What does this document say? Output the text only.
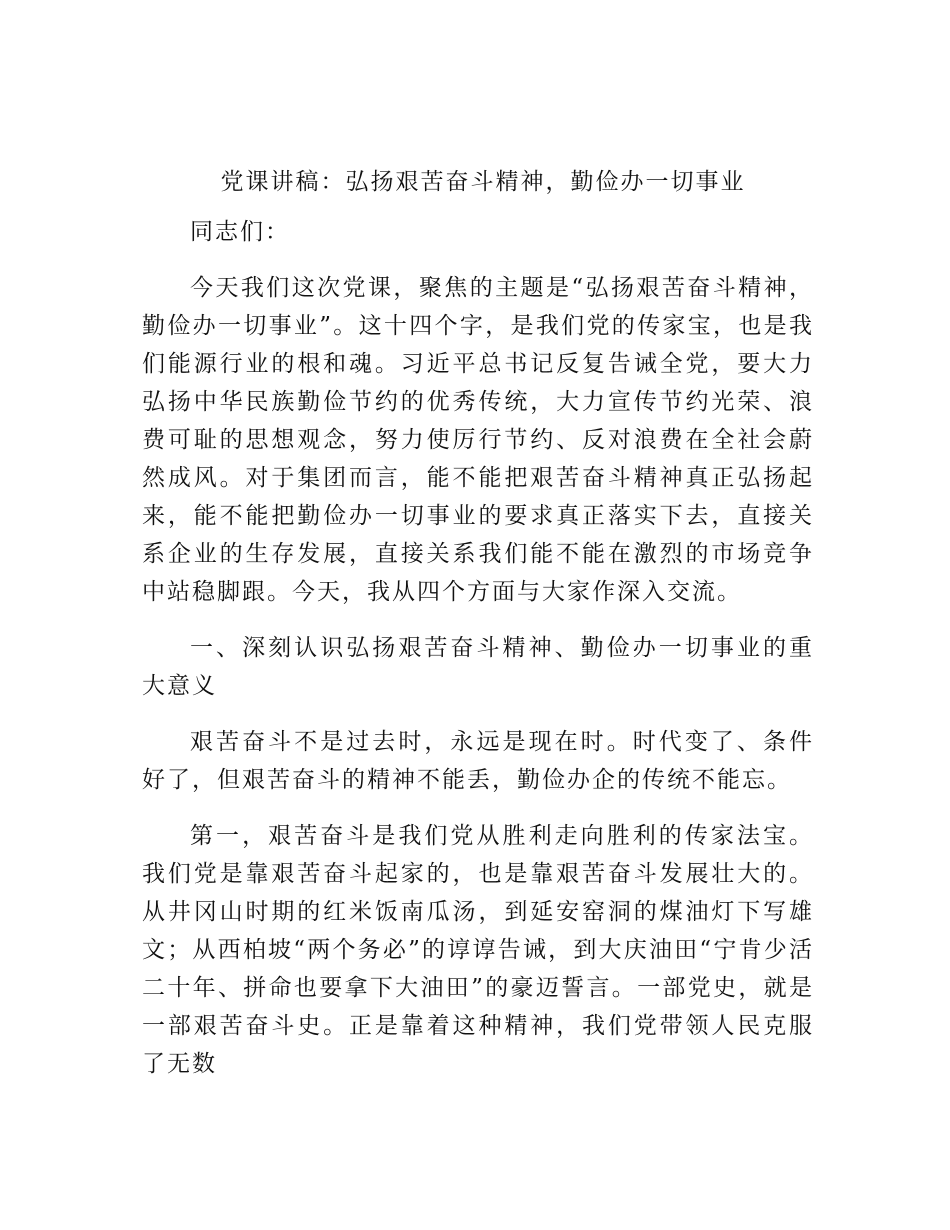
党课讲稿：弘扬艰苦奋斗精神，勤俭办一切事业

同志们：

今天我们这次党课，聚焦的主题是“弘扬艰苦奋斗精神，勤俭办一切事业”。这十四个字，是我们党的传家宝，也是我们能源行业的根和魂。习近平总书记反复告诫全党，要大力弘扬中华民族勤俭节约的优秀传统，大力宣传节约光荣、浪费可耻的思想观念，努力使厉行节约、反对浪费在全社会蔚然成风。对于集团而言，能不能把艰苦奋斗精神真正弘扬起来，能不能把勤俭办一切事业的要求真正落实下去，直接关系企业的生存发展，直接关系我们能不能在激烈的市场竞争中站稳脚跟。今天，我从四个方面与大家作深入交流。

一、深刻认识弘扬艰苦奋斗精神、勤俭办一切事业的重大意义

艰苦奋斗不是过去时，永远是现在时。时代变了、条件好了，但艰苦奋斗的精神不能丢，勤俭办企的传统不能忘。

第一，艰苦奋斗是我们党从胜利走向胜利的传家法宝。我们党是靠艰苦奋斗起家的，也是靠艰苦奋斗发展壮大的。从井冈山时期的红米饭南瓜汤，到延安窑洞的煤油灯下写雄文；从西柏坡“两个务必”的谆谆告诫，到大庆油田“宁肯少活二十年、拼命也要拿下大油田”的豪迈誓言。一部党史，就是一部艰苦奋斗史。正是靠着这种精神，我们党带领人民克服了无数
